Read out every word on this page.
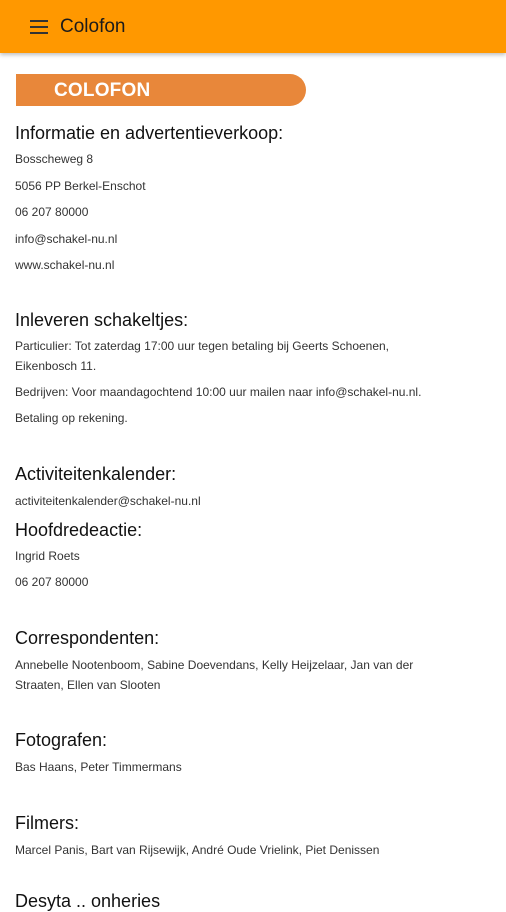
Colofon
COLOFON
Informatie en advertentieverkoop:
Bosscheweg 8
5056 PP Berkel-Enschot
06 207 80000
info@schakel-nu.nl
www.schakel-nu.nl
Inleveren schakeltjes:
Particulier: Tot zaterdag 17:00 uur tegen betaling bij Geerts Schoenen,
Eikenbosch 11.
Bedrijven: Voor maandagochtend 10:00 uur mailen naar info@schakel-nu.nl.
Betaling op rekening.
Activiteitenkalender:
activiteitenkalender@schakel-nu.nl
Hoofdredeactie:
Ingrid Roets
06 207 80000
Correspondenten:
Annebelle Nootenboom, Sabine Doevendans, Kelly Heijzelaar, Jan van der
Straaten, Ellen van Slooten
Fotografen:
Bas Haans, Peter Timmermans
Filmers:
Marcel Panis, Bart van Rijsewijk, André Oude Vrielink, Piet Denissen
Desyta .. onheries
